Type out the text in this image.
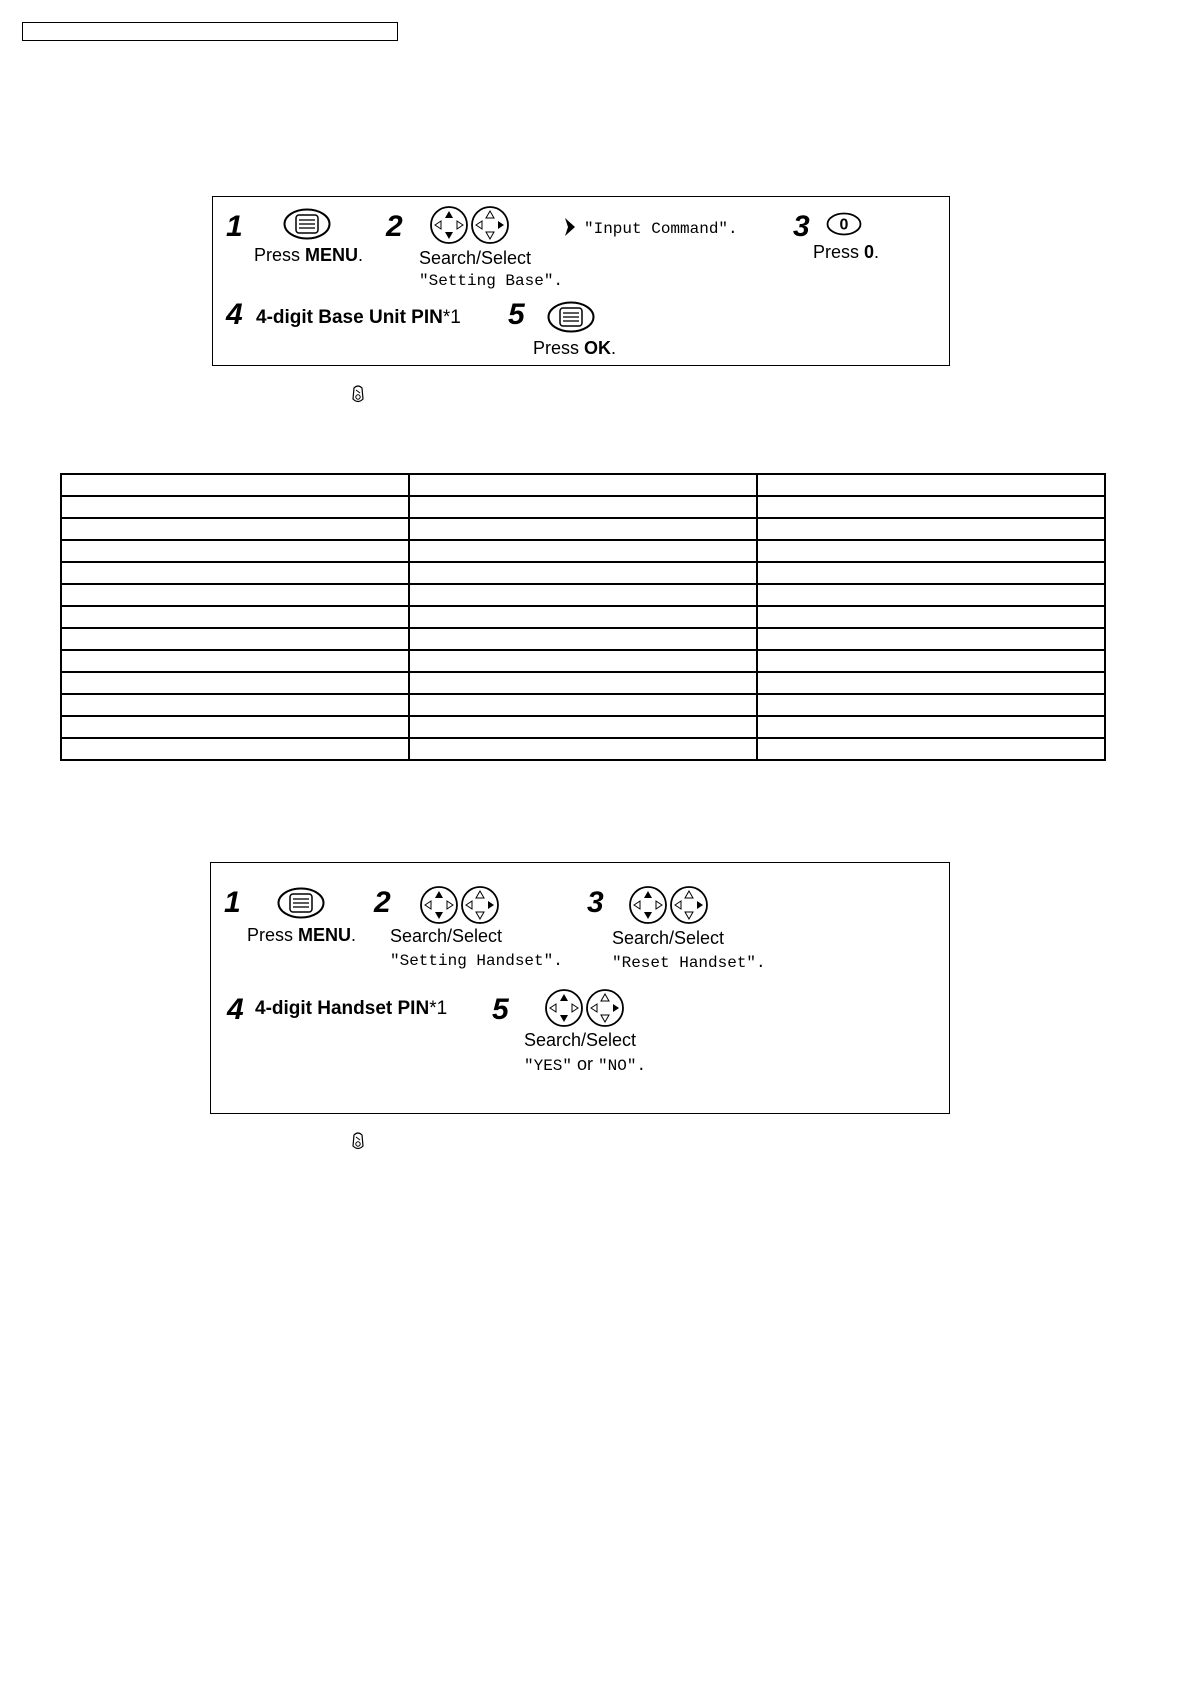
1
Press MENU.
2
Search/Select
"Setting Base".
"Input Command". 3 0
Press 0.
4 4-digit Base Unit PIN*1 5
Press OK.

1
Press MENU.
2
Search/Select
"Setting Handset".
3
Search/Select
"Reset Handset".
4 4-digit Handset PIN*1 5
Search/Select
"YES" or "NO".
